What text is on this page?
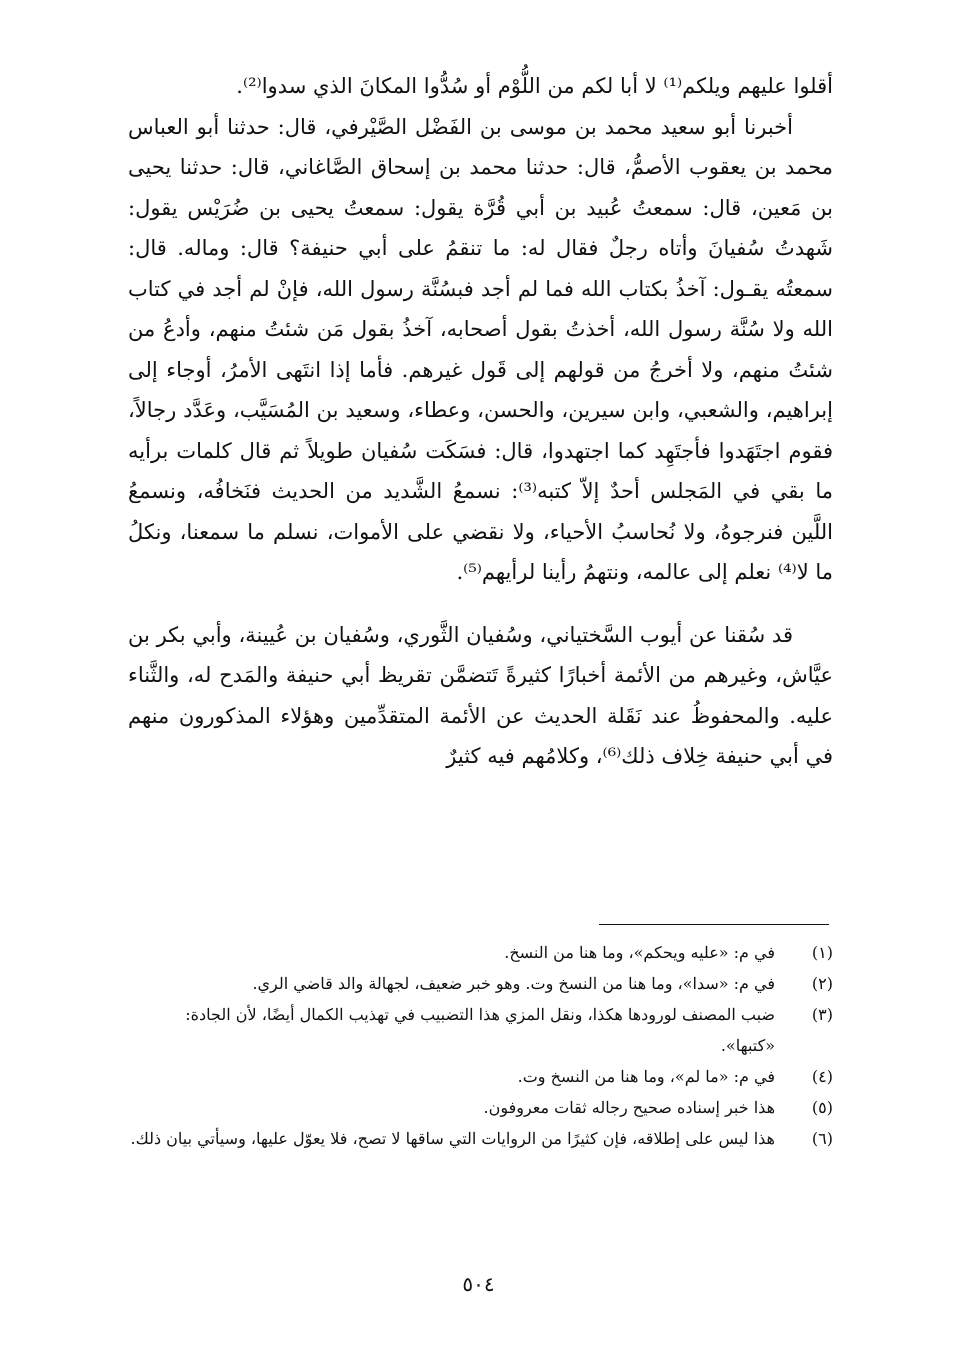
أقلوا عليهم ويلكم⁽¹⁾ لا أبا لكم من اللُّوْم أو سُدُّوا المكانَ الذي سدوا⁽²⁾.

أخبرنا أبو سعيد محمد بن موسى بن الفَضْل الصَّيْرفي، قال: حدثنا أبو العباس محمد بن يعقوب الأصمُّ، قال: حدثنا محمد بن إسحاق الصَّاغاني، قال: حدثنا يحيى بن مَعين، قال: سمعتُ عُبيد بن أبي قُرَّة يقول: سمعتُ يحيى بن ضُرَيْس يقول: شَهدتُ سُفيانَ وأتاه رجلٌ فقال له: ما تنقمُ على أبي حنيفة؟ قال: وماله. قال: سمعتُه يقـول: آخذُ بكتاب الله فما لم أجد فبسُنَّة رسول الله، فإنْ لم أجد في كتاب الله ولا سُنَّة رسول الله، أخذتُ بقول أصحابه، آخذُ بقول مَن شئتُ منهم، وأدعُ من شئتُ منهم، ولا أخرجُ من قولهم إلى قَول غيرهم. فأما إذا انتَهى الأمرُ، أوجاء إلى إبراهيم، والشعبي، وابن سيرين، والحسن، وعطاء، وسعيد بن المُسَيَّب، وعَدَّد رجالاً، فقوم اجتَهَدوا فأجتَهِد كما اجتهدوا، قال: فسَكَت سُفيان طويلاً ثم قال كلمات برأيه ما بقي في المَجلس أحدٌ إلاّ كتبه⁽³⁾: نسمعُ الشَّديد من الحديث فنَخافُه، ونسمعُ اللَّين فنرجوهُ، ولا نُحاسبُ الأحياء، ولا نقضي على الأموات، نسلم ما سمعنا، ونكلُ ما لا⁽⁴⁾ نعلم إلى عالمه، ونتهمُ رأينا لرأيهم⁽⁵⁾.

قد سُقنا عن أيوب السَّختياني، وسُفيان الثَّوري، وسُفيان بن عُيينة، وأبي بكر بن عيَّاش، وغيرهم من الأئمة أخبارًا كثيرةً تَتضمَّن تقريظ أبي حنيفة والمَدح له، والثَّناء عليه. والمحفوظُ عند نَقَلة الحديث عن الأئمة المتقدِّمين وهؤلاء المذكورون منهم في أبي حنيفة خِلاف ذلك⁽⁶⁾، وكلامُهم فيه كثيرٌ

(١)
في م: «عليه ويحكم»، وما هنا من النسخ.
(٢)
في م: «سدا»، وما هنا من النسخ وت. وهو خبر ضعيف، لجهالة والد قاضي الري.
(٣)
ضبب المصنف لورودها هكذا، ونقل المزي هذا التضبيب في تهذيب الكمال أيضًا، لأن الجادة: «كتبها».
(٤)
في م: «ما لم»، وما هنا من النسخ وت.
(٥)
هذا خبر إسناده صحيح رجاله ثقات معروفون.
(٦)
هذا ليس على إطلاقه، فإن كثيرًا من الروايات التي ساقها لا تصح، فلا يعوّل عليها، وسيأتي بيان ذلك.
٥٠٤
